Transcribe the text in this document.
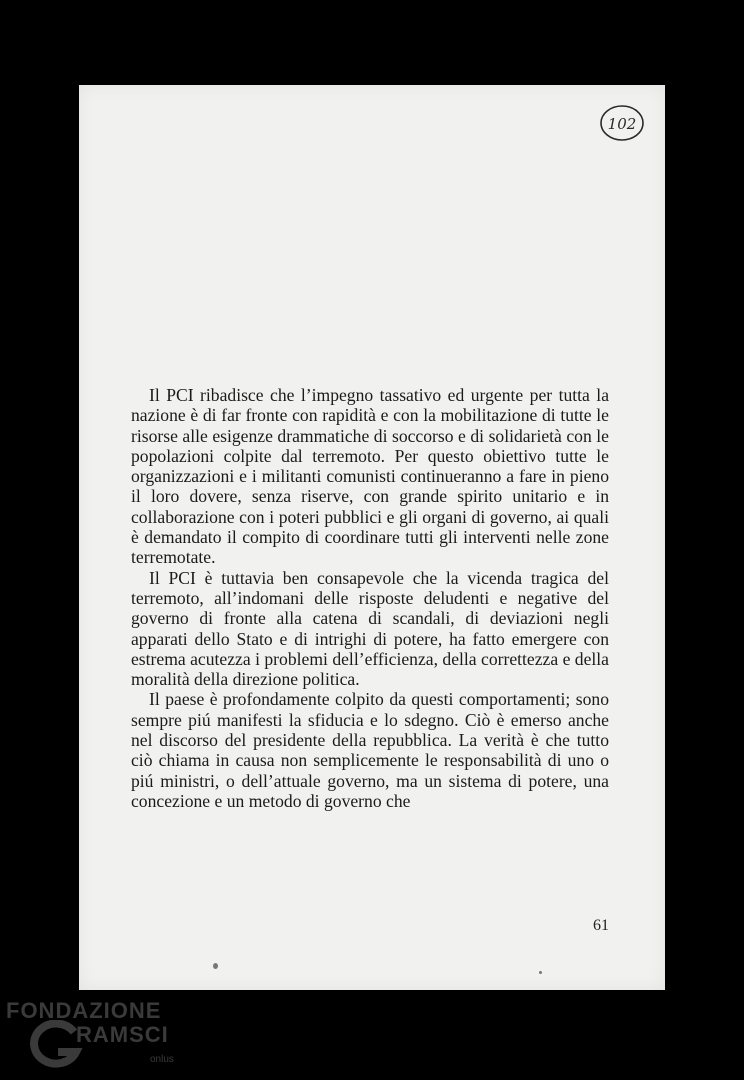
102

Il PCI ribadisce che l’impegno tassativo ed urgente per tutta la nazione è di far fronte con rapidità e con la mobilitazione di tutte le risorse alle esigenze drammatiche di soccorso e di solidarietà con le popolazioni colpite dal terremoto. Per questo obiettivo tutte le organizzazioni e i militanti comunisti continueranno a fare in pieno il loro dovere, senza riserve, con grande spirito unitario e in collaborazione con i poteri pubblici e gli organi di governo, ai quali è demandato il compito di coordinare tutti gli interventi nelle zone terremotate.

Il PCI è tuttavia ben consapevole che la vicenda tragica del terremoto, all’indomani delle risposte deludenti e negative del governo di fronte alla catena di scandali, di deviazioni negli apparati dello Stato e di intrighi di potere, ha fatto emergere con estrema acutezza i problemi dell’efficienza, della correttezza e della moralità della direzione politica.

Il paese è profondamente colpito da questi comportamenti; sono sempre piú manifesti la sfiducia e lo sdegno. Ciò è emerso anche nel discorso del presidente della repubblica. La verità è che tutto ciò chiama in causa non semplicemente le responsabilità di uno o piú ministri, o dell’attuale governo, ma un sistema di potere, una concezione e un metodo di governo che

61
FONDAZIONE
RAMSCI
onlus
